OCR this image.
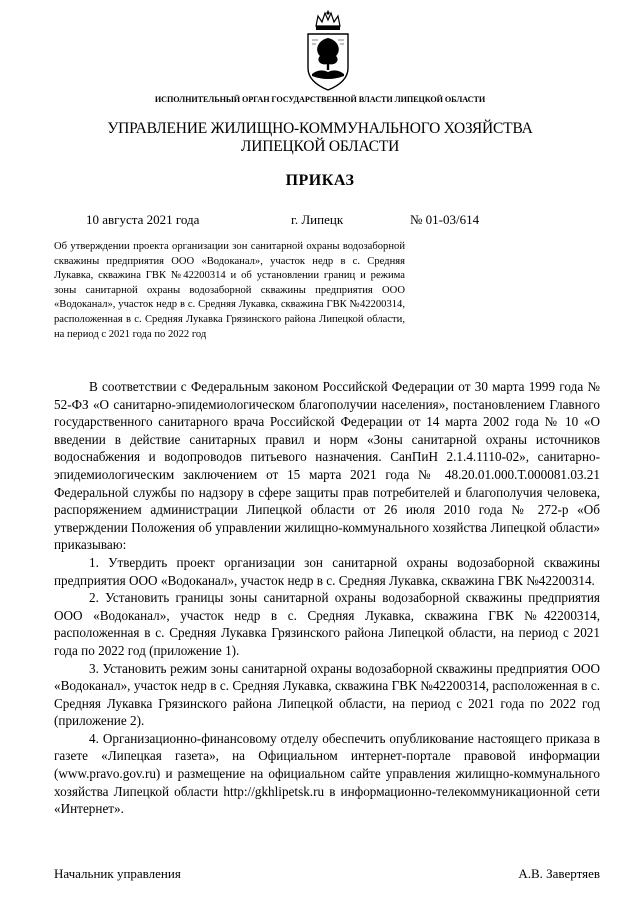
ИСПОЛНИТЕЛЬНЫЙ ОРГАН ГОСУДАРСТВЕННОЙ ВЛАСТИ ЛИПЕЦКОЙ ОБЛАСТИ
УПРАВЛЕНИЕ ЖИЛИЩНО-КОММУНАЛЬНОГО ХОЗЯЙСТВА
ЛИПЕЦКОЙ ОБЛАСТИ
ПРИКАЗ
10 августа 2021 года	г. Липецк	№ 01-03/614

Об утверждении проекта организации зон санитарной охраны водозаборной скважины предприятия ООО «Водоканал», участок недр в с. Средняя Лукавка, скважина ГВК №42200314 и об установлении границ и режима зоны санитарной охраны водозаборной скважины предприятия ООО «Водоканал», участок недр в с. Средняя Лукавка, скважина ГВК №42200314, расположенная в с. Средняя Лукавка Грязинского района Липецкой области, на период с 2021 года по 2022 год

В соответствии с Федеральным законом Российской Федерации от 30 марта 1999 года № 52-ФЗ «О санитарно-эпидемиологическом благополучии населения», постановлением Главного государственного санитарного врача Российской Федерации от 14 марта 2002 года № 10 «О введении в действие санитарных правил и норм «Зоны санитарной охраны источников водоснабжения и водопроводов питьевого назначения. СанПиН 2.1.4.1110-02», санитарно-эпидемиологическим заключением от 15 марта 2021 года № 48.20.01.000.Т.000081.03.21 Федеральной службы по надзору в сфере защиты прав потребителей и благополучия человека, распоряжением администрации Липецкой области от 26 июля 2010 года № 272-р «Об утверждении Положения об управлении жилищно-коммунального хозяйства Липецкой области» приказываю:

1. Утвердить проект организации зон санитарной охраны водозаборной скважины предприятия ООО «Водоканал», участок недр в с. Средняя Лукавка, скважина ГВК №42200314.

2. Установить границы зоны санитарной охраны водозаборной скважины предприятия ООО «Водоканал», участок недр в с. Средняя Лукавка, скважина ГВК №42200314, расположенная в с. Средняя Лукавка Грязинского района Липецкой области, на период с 2021 года по 2022 год (приложение 1).

3. Установить режим зоны санитарной охраны водозаборной скважины предприятия ООО «Водоканал», участок недр в с. Средняя Лукавка, скважина ГВК №42200314, расположенная в с. Средняя Лукавка Грязинского района Липецкой области, на период с 2021 года по 2022 год (приложение 2).

4. Организационно-финансовому отделу обеспечить опубликование настоящего приказа в газете «Липецкая газета», на Официальном интернет-портале правовой информации (www.pravo.gov.ru) и размещение на официальном сайте управления жилищно-коммунального хозяйства Липецкой области http://gkhlipetsk.ru в информационно-телекоммуникационной сети «Интернет».

Начальник управления	А.В. Завертяев
